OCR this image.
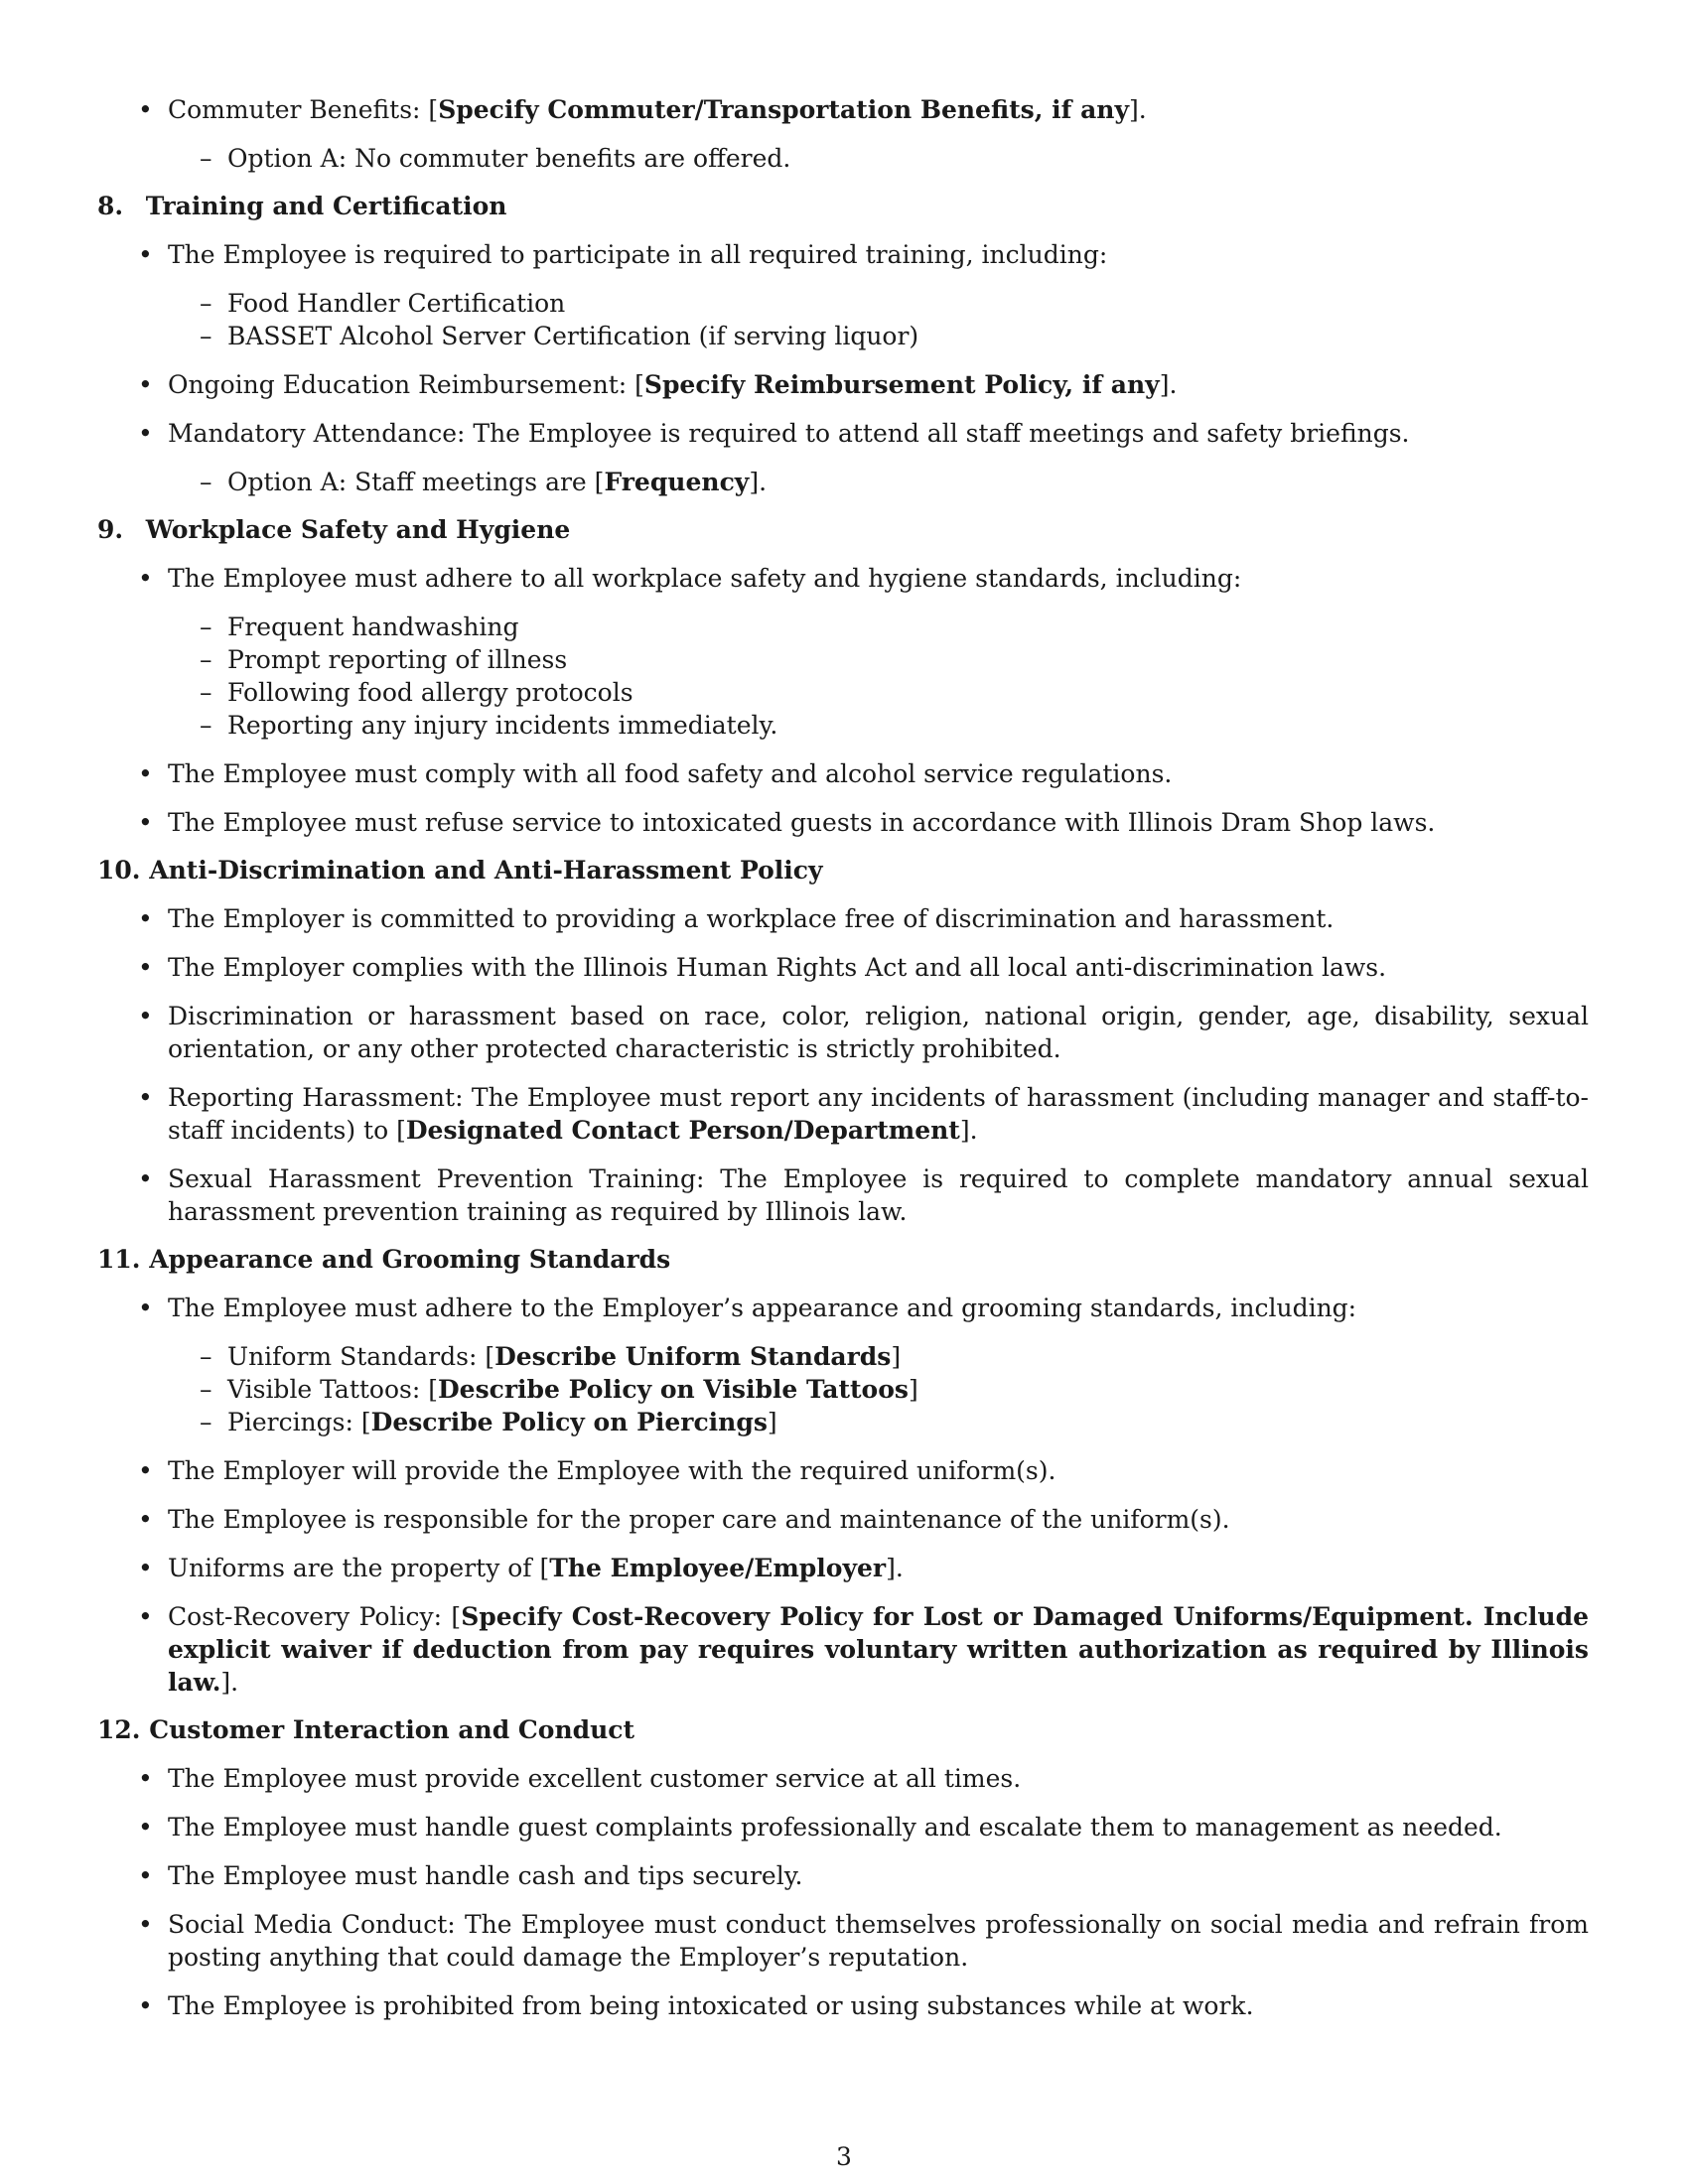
• Commuter Benefits: [Specify Commuter/Transportation Benefits, if any].
– Option A: No commuter benefits are offered.
8. Training and Certification
• The Employee is required to participate in all required training, including:
– Food Handler Certification
– BASSET Alcohol Server Certification (if serving liquor)
• Ongoing Education Reimbursement: [Specify Reimbursement Policy, if any].
• Mandatory Attendance: The Employee is required to attend all staff meetings and safety briefings.
– Option A: Staff meetings are [Frequency].
9. Workplace Safety and Hygiene
• The Employee must adhere to all workplace safety and hygiene standards, including:
– Frequent handwashing
– Prompt reporting of illness
– Following food allergy protocols
– Reporting any injury incidents immediately.
• The Employee must comply with all food safety and alcohol service regulations.
• The Employee must refuse service to intoxicated guests in accordance with Illinois Dram Shop laws.
10. Anti-Discrimination and Anti-Harassment Policy
• The Employer is committed to providing a workplace free of discrimination and harassment.
• The Employer complies with the Illinois Human Rights Act and all local anti-discrimination laws.
• Discrimination or harassment based on race, color, religion, national origin, gender, age, disability, sexual orientation, or any other protected characteristic is strictly prohibited.
• Reporting Harassment: The Employee must report any incidents of harassment (including manager and staff-to-staff incidents) to [Designated Contact Person/Department].
• Sexual Harassment Prevention Training: The Employee is required to complete mandatory annual sexual harassment prevention training as required by Illinois law.
11. Appearance and Grooming Standards
• The Employee must adhere to the Employer’s appearance and grooming standards, including:
– Uniform Standards: [Describe Uniform Standards]
– Visible Tattoos: [Describe Policy on Visible Tattoos]
– Piercings: [Describe Policy on Piercings]
• The Employer will provide the Employee with the required uniform(s).
• The Employee is responsible for the proper care and maintenance of the uniform(s).
• Uniforms are the property of [The Employee/Employer].
• Cost-Recovery Policy: [Specify Cost-Recovery Policy for Lost or Damaged Uniforms/Equipment. Include explicit waiver if deduction from pay requires voluntary written authorization as required by Illinois law.].
12. Customer Interaction and Conduct
• The Employee must provide excellent customer service at all times.
• The Employee must handle guest complaints professionally and escalate them to management as needed.
• The Employee must handle cash and tips securely.
• Social Media Conduct: The Employee must conduct themselves professionally on social media and refrain from posting anything that could damage the Employer’s reputation.
• The Employee is prohibited from being intoxicated or using substances while at work.
3
